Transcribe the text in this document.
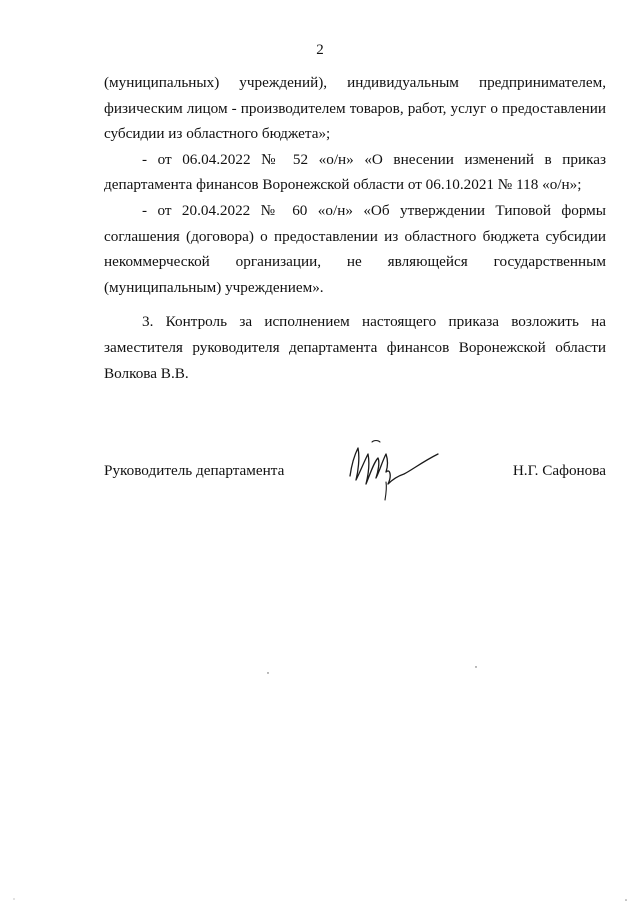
2
(муниципальных) учреждений), индивидуальным предпринимателем,
физическим лицом - производителем товаров, работ, услуг о предоставлении
субсидии из областного бюджета»;
- от 06.04.2022 № 52 «о/н» «О внесении изменений в приказ
департамента финансов Воронежской области от 06.10.2021 № 118 «о/н»;
- от 20.04.2022 № 60 «о/н» «Об утверждении Типовой формы
соглашения (договора) о предоставлении из областного бюджета субсидии
некоммерческой организации, не являющейся государственным
(муниципальным) учреждением».
3. Контроль за исполнением настоящего приказа возложить на
заместителя руководителя департамента финансов Воронежской области
Волкова В.В.
Руководитель департамента	Н.Г. Сафонова
